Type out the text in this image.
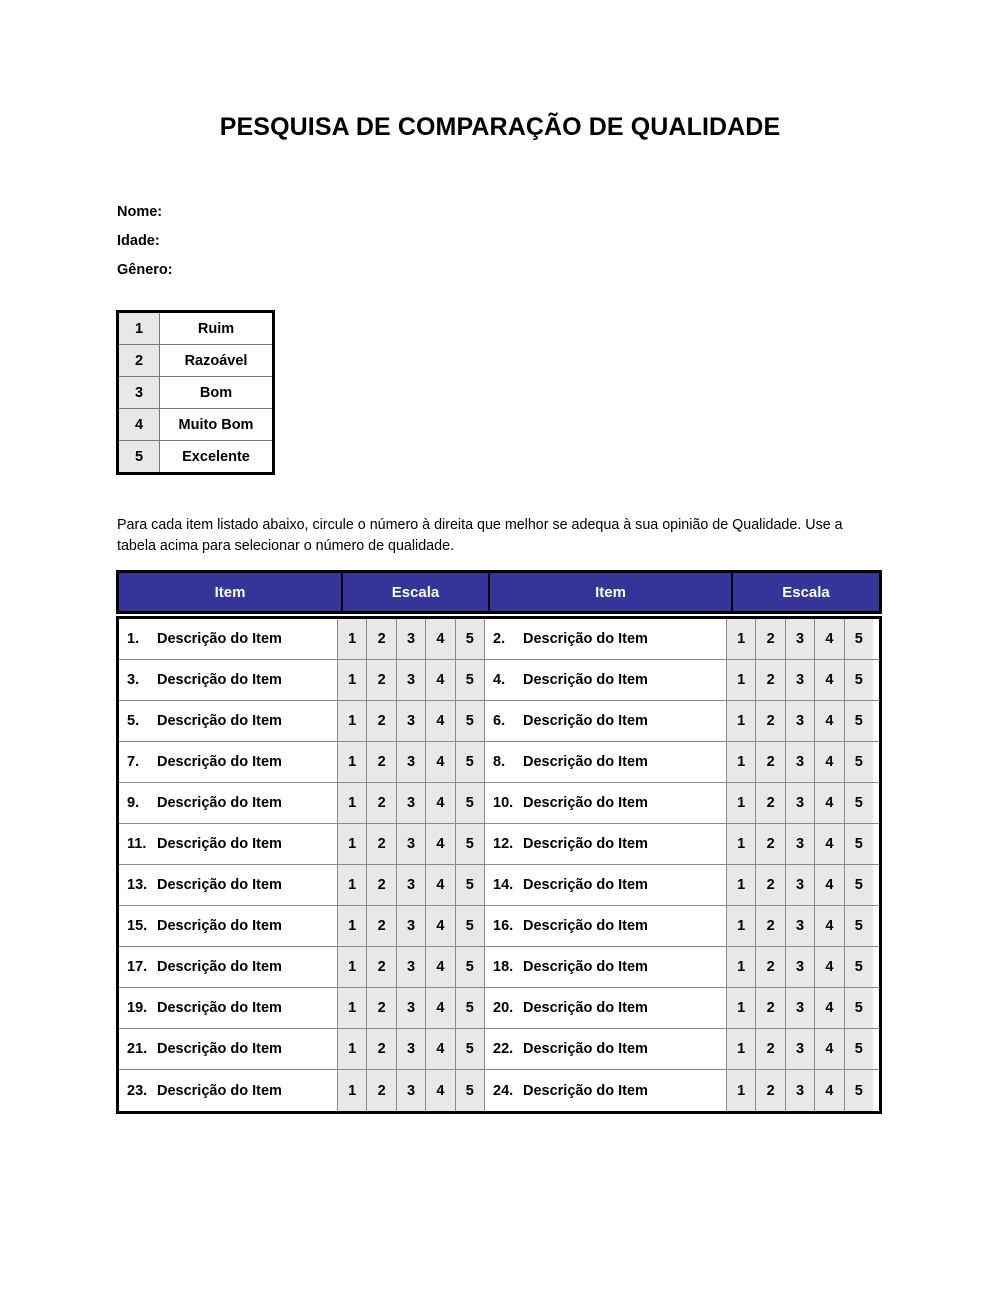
PESQUISA DE COMPARAÇÃO DE QUALIDADE
Nome:
Idade:
Gênero:
1	Ruim
2	Razoável
3	Bom
4	Muito Bom
5	Excelente
Para cada item listado abaixo, circule o número à direita que melhor se adequa à sua opinião de Qualidade. Use a tabela acima para selecionar o número de qualidade.
Item	Escala	Item	Escala
1.	Descrição do Item	1	2	3	4	5	2.	Descrição do Item	1	2	3	4	5
3.	Descrição do Item	1	2	3	4	5	4.	Descrição do Item	1	2	3	4	5
5.	Descrição do Item	1	2	3	4	5	6.	Descrição do Item	1	2	3	4	5
7.	Descrição do Item	1	2	3	4	5	8.	Descrição do Item	1	2	3	4	5
9.	Descrição do Item	1	2	3	4	5	10. Descrição do Item	1	2	3	4	5
11. Descrição do Item	1	2	3	4	5	12. Descrição do Item	1	2	3	4	5
13. Descrição do Item	1	2	3	4	5	14. Descrição do Item	1	2	3	4	5
15. Descrição do Item	1	2	3	4	5	16. Descrição do Item	1	2	3	4	5
17. Descrição do Item	1	2	3	4	5	18. Descrição do Item	1	2	3	4	5
19. Descrição do Item	1	2	3	4	5	20. Descrição do Item	1	2	3	4	5
21. Descrição do Item	1	2	3	4	5	22. Descrição do Item	1	2	3	4	5
23. Descrição do Item	1	2	3	4	5	24. Descrição do Item	1	2	3	4	5
